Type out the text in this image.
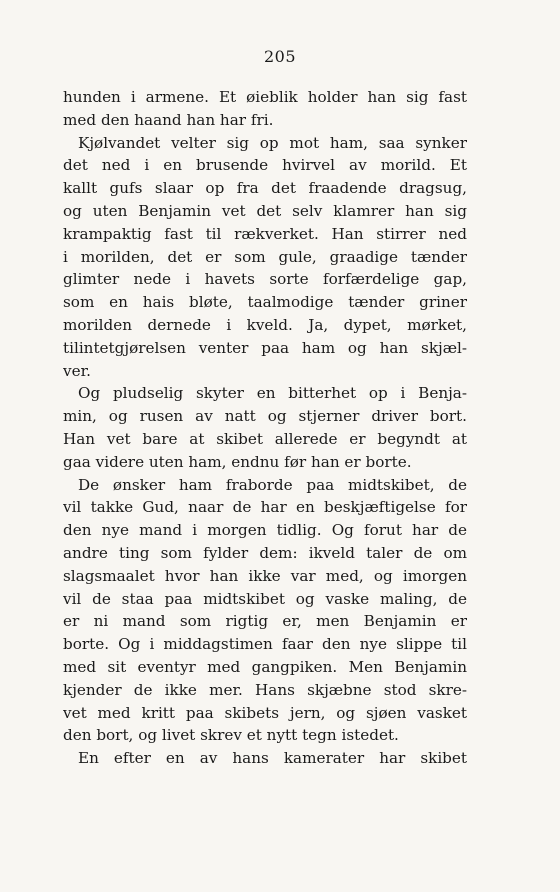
205
hunden i armene. Et øieblik holder han sig fast
med den haand han har fri.
Kjølvandet velter sig op mot ham, saa synker
det ned i en brusende hvirvel av morild. Et
kallt gufs slaar op fra det fraadende dragsug,
og uten Benjamin vet det selv klamrer han sig
krampaktig fast til rækverket. Han stirrer ned
i morilden, det er som gule, graadige tænder
glimter nede i havets sorte forfærdelige gap,
som en hais bløte, taalmodige tænder griner
morilden dernede i kveld. Ja, dypet, mørket,
tilintetgjørelsen venter paa ham og han skjæl-
ver.
Og pludselig skyter en bitterhet op i Benja-
min, og rusen av natt og stjerner driver bort.
Han vet bare at skibet allerede er begyndt at
gaa videre uten ham, endnu før han er borte.
De ønsker ham fraborde paa midtskibet, de
vil takke Gud, naar de har en beskjæftigelse for
den nye mand i morgen tidlig. Og forut har de
andre ting som fylder dem: ikveld taler de om
slagsmaalet hvor han ikke var med, og imorgen
vil de staa paa midtskibet og vaske maling, de
er ni mand som rigtig er, men Benjamin er
borte. Og i middagstimen faar den nye slippe til
med sit eventyr med gangpiken. Men Benjamin
kjender de ikke mer. Hans skjæbne stod skre-
vet med kritt paa skibets jern, og sjøen vasket
den bort, og livet skrev et nytt tegn istedet.
En efter en av hans kamerater har skibet
